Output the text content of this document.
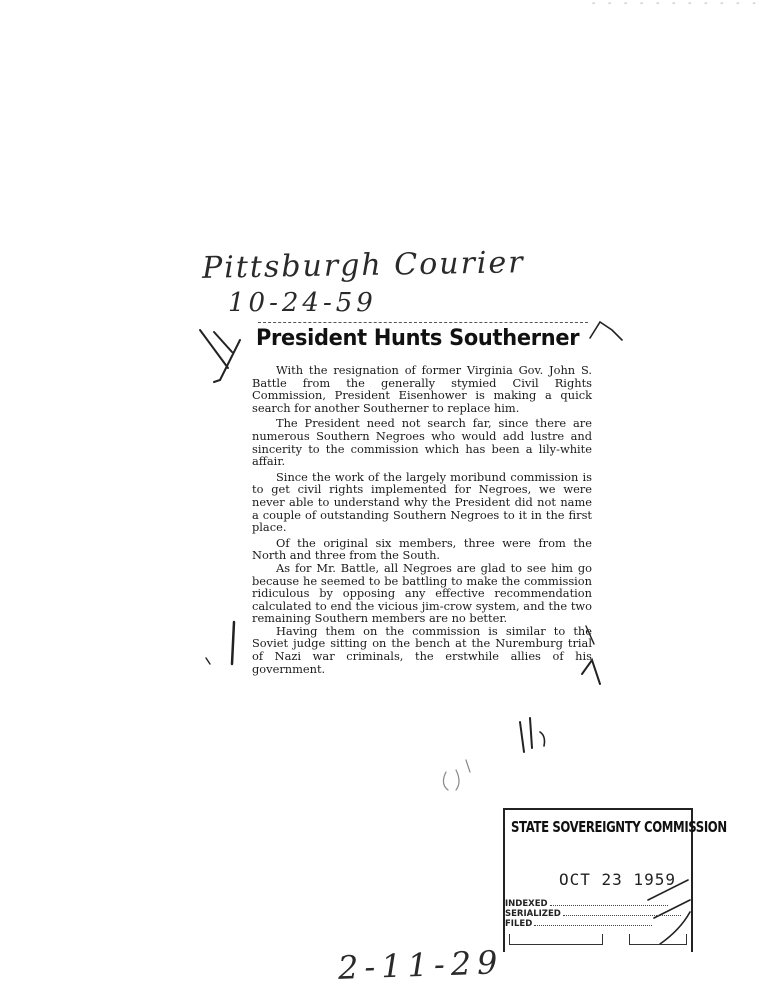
- - - - - - - - - - -
Pittsburgh Courier
10-24-59
President Hunts Southerner

With the resignation of former Virginia Gov. John S. Battle from the generally stymied Civil Rights Commission, President Eisenhower is making a quick search for another Southerner to replace him.

The President need not search far, since there are numerous Southern Negroes who would add lustre and sincerity to the commission which has been a lily-white affair.

Since the work of the largely moribund commission is to get civil rights implemented for Negroes, we were never able to understand why the President did not name a couple of outstanding Southern Negroes to it in the first place.

Of the original six members, three were from the North and three from the South.

As for Mr. Battle, all Negroes are glad to see him go because he seemed to be battling to make the commission ridiculous by opposing any effective recommendation calculated to end the vicious jim-crow system, and the two remaining Southern members are no better.

Having them on the commission is similar to the Soviet judge sitting on the bench at the Nuremburg trial of Nazi war criminals, the erstwhile allies of his government.

STATE SOVEREIGNTY COMMISSION
OCT 23 1959
INDEXED
SERIALIZED
FILED
2-11-29
